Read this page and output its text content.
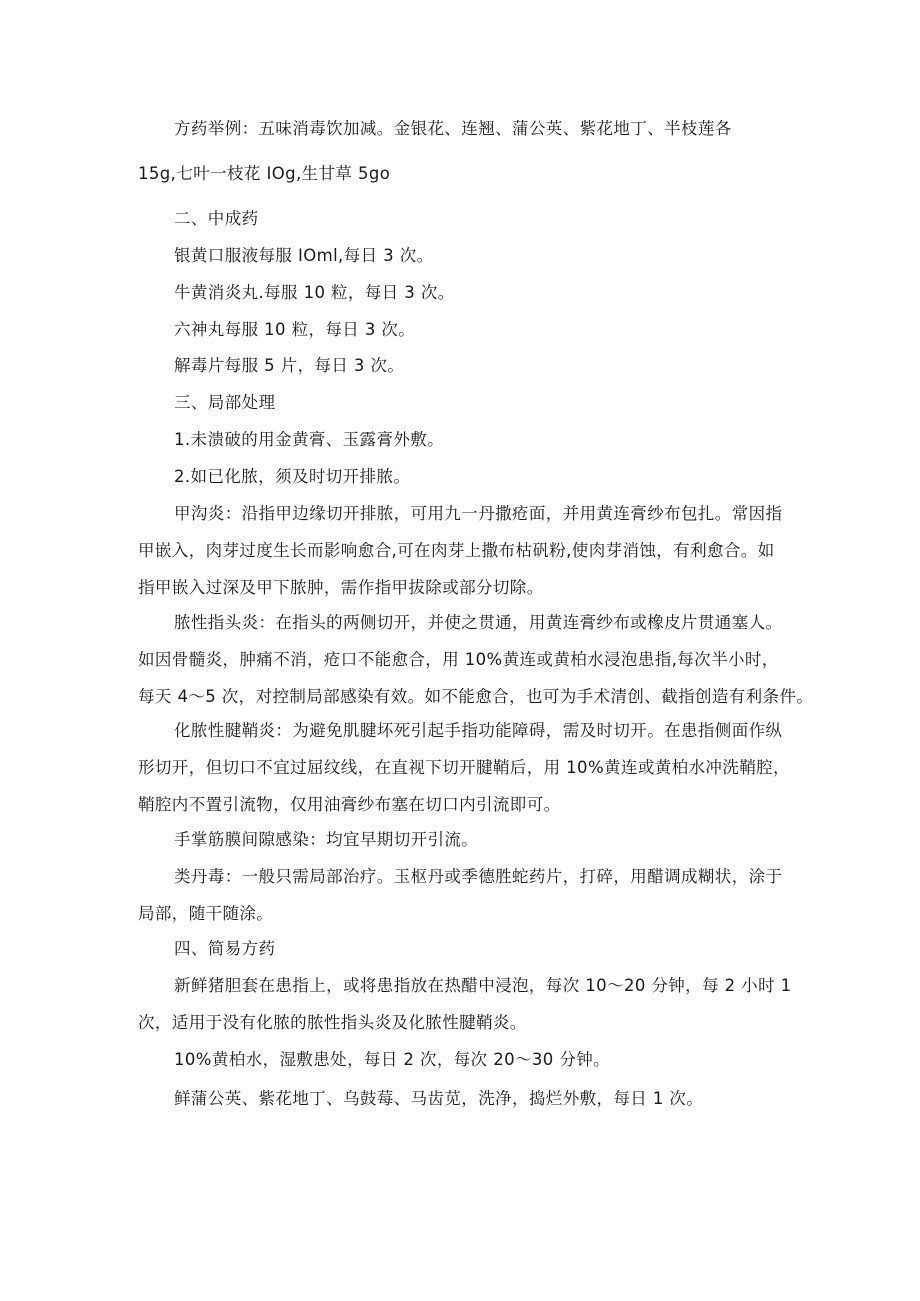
方药举例：五味消毒饮加减。金银花、连翘、蒲公英、紫花地丁、半枝莲各
15g,七叶一枝花 IOg,生甘草 5go
二、中成药
银黄口服液每服 IOml,每日 3 次。
牛黄消炎丸.每服 10 粒，每日 3 次。
六神丸每服 10 粒，每日 3 次。
解毒片每服 5 片，每日 3 次。
三、局部处理
1.未溃破的用金黄膏、玉露膏外敷。
2.如已化脓，须及时切开排脓。
甲沟炎：沿指甲边缘切开排脓，可用九一丹撒疮面，并用黄连膏纱布包扎。常因指
甲嵌入，肉芽过度生长而影响愈合,可在肉芽上撒布枯矾粉,使肉芽消蚀，有利愈合。如
指甲嵌入过深及甲下脓肿，需作指甲拔除或部分切除。
脓性指头炎：在指头的两侧切开，并使之贯通，用黄连膏纱布或橡皮片贯通塞人。
如因骨髓炎，肿痛不消，疮口不能愈合，用 10%黄连或黄柏水浸泡患指,每次半小时，
每天 4～5 次，对控制局部感染有效。如不能愈合，也可为手术清创、截指创造有利条件。
化脓性腱鞘炎：为避免肌腱坏死引起手指功能障碍，需及时切开。在患指侧面作纵
形切开，但切口不宜过屈纹线，在直视下切开腱鞘后，用 10%黄连或黄柏水冲洗鞘腔，
鞘腔内不置引流物，仅用油膏纱布塞在切口内引流即可。
手掌筋膜间隙感染：均宜早期切开引流。
类丹毒：一般只需局部治疗。玉枢丹或季德胜蛇药片，打碎，用醋调成糊状，涂于
局部，随干随涂。
四、简易方药
新鲜猪胆套在患指上，或将患指放在热醋中浸泡，每次 10～20 分钟，每 2 小时 1
次，适用于没有化脓的脓性指头炎及化脓性腱鞘炎。
10%黄柏水，湿敷患处，每日 2 次，每次 20～30 分钟。
鲜蒲公英、紫花地丁、乌鼓莓、马齿苋，洗净，捣烂外敷，每日 1 次。
